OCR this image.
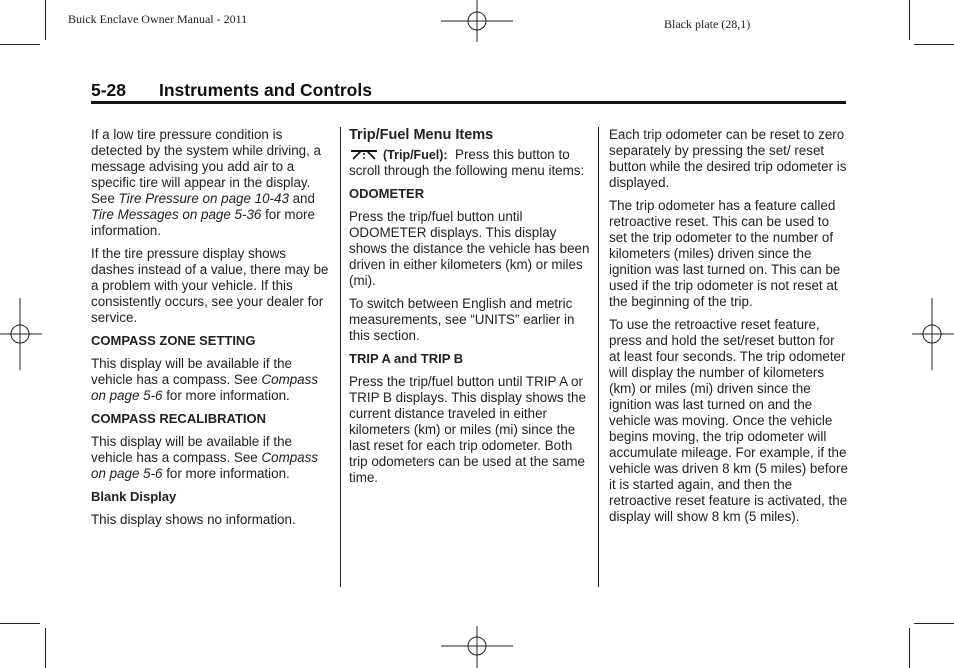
Buick Enclave Owner Manual - 2011	Black plate (28,1)
5-28 Instruments and Controls

If a low tire pressure condition is detected by the system while driving, a message advising you add air to a specific tire will appear in the display. See Tire Pressure on page 10-43 and Tire Messages on page 5-36 for more information.

If the tire pressure display shows dashes instead of a value, there may be a problem with your vehicle. If this consistently occurs, see your dealer for service.

COMPASS ZONE SETTING

This display will be available if the vehicle has a compass. See Compass on page 5-6 for more information.

COMPASS RECALIBRATION

This display will be available if the vehicle has a compass. See Compass on page 5-6 for more information.

Blank Display

This display shows no information.

Trip/Fuel Menu Items

(Trip/Fuel):  Press this button to scroll through the following menu items:

ODOMETER

Press the trip/fuel button until ODOMETER displays. This display shows the distance the vehicle has been driven in either kilometers (km) or miles (mi).

To switch between English and metric measurements, see “UNITS” earlier in this section.

TRIP A and TRIP B

Press the trip/fuel button until TRIP A or TRIP B displays. This display shows the current distance traveled in either kilometers (km) or miles (mi) since the last reset for each trip odometer. Both trip odometers can be used at the same time.

Each trip odometer can be reset to zero separately by pressing the set/ reset button while the desired trip odometer is displayed.

The trip odometer has a feature called retroactive reset. This can be used to set the trip odometer to the number of kilometers (miles) driven since the ignition was last turned on. This can be used if the trip odometer is not reset at the beginning of the trip.

To use the retroactive reset feature, press and hold the set/reset button for at least four seconds. The trip odometer will display the number of kilometers (km) or miles (mi) driven since the ignition was last turned on and the vehicle was moving. Once the vehicle begins moving, the trip odometer will accumulate mileage. For example, if the vehicle was driven 8 km (5 miles) before it is started again, and then the retroactive reset feature is activated, the display will show 8 km (5 miles).
